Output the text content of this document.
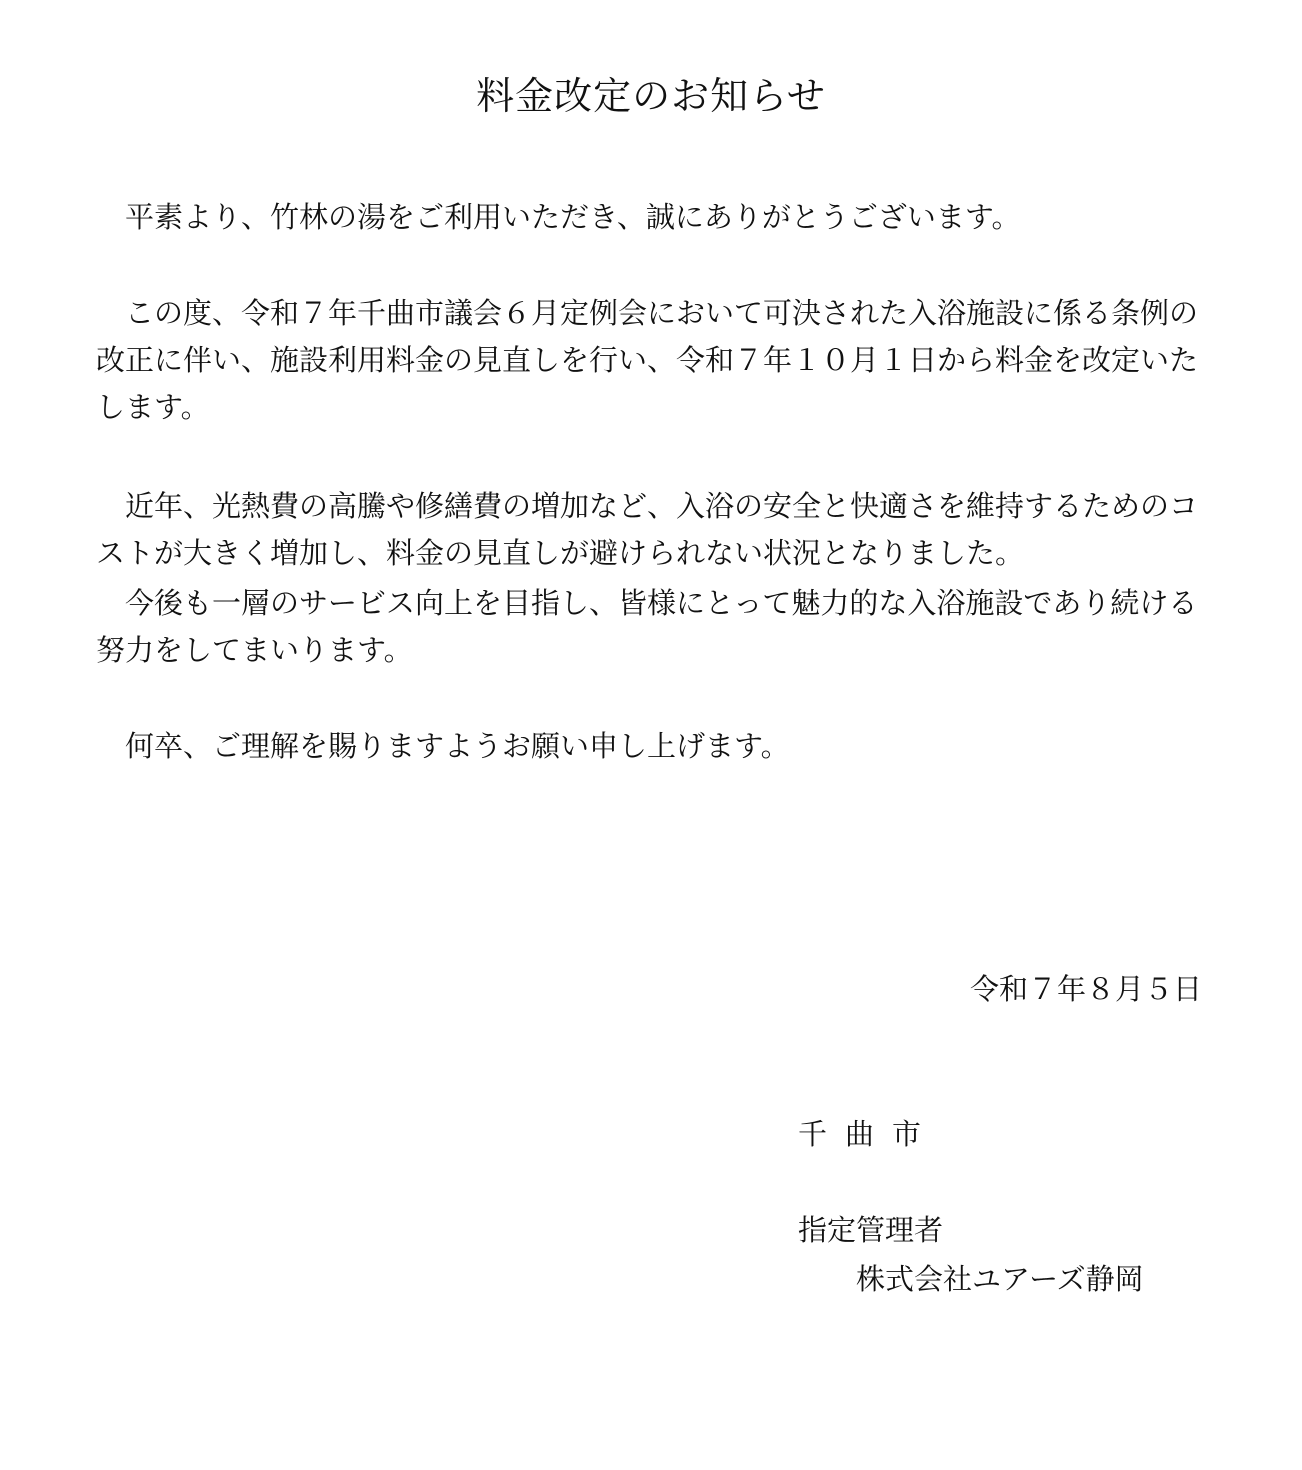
料金改定のお知らせ

平素より、竹林の湯をご利用いただき、誠にありがとうございます。

この度、令和７年千曲市議会６月定例会において可決された入浴施設に係る条例の改正に伴い、施設利用料金の見直しを行い、令和７年１０月１日から料金を改定いたします。

近年、光熱費の高騰や修繕費の増加など、入浴の安全と快適さを維持するためのコストが大きく増加し、料金の見直しが避けられない状況となりました。

今後も一層のサービス向上を目指し、皆様にとって魅力的な入浴施設であり続ける努力をしてまいります。

何卒、ご理解を賜りますようお願い申し上げます。

令和７年８月５日
千曲市
指定管理者
株式会社ユアーズ静岡
